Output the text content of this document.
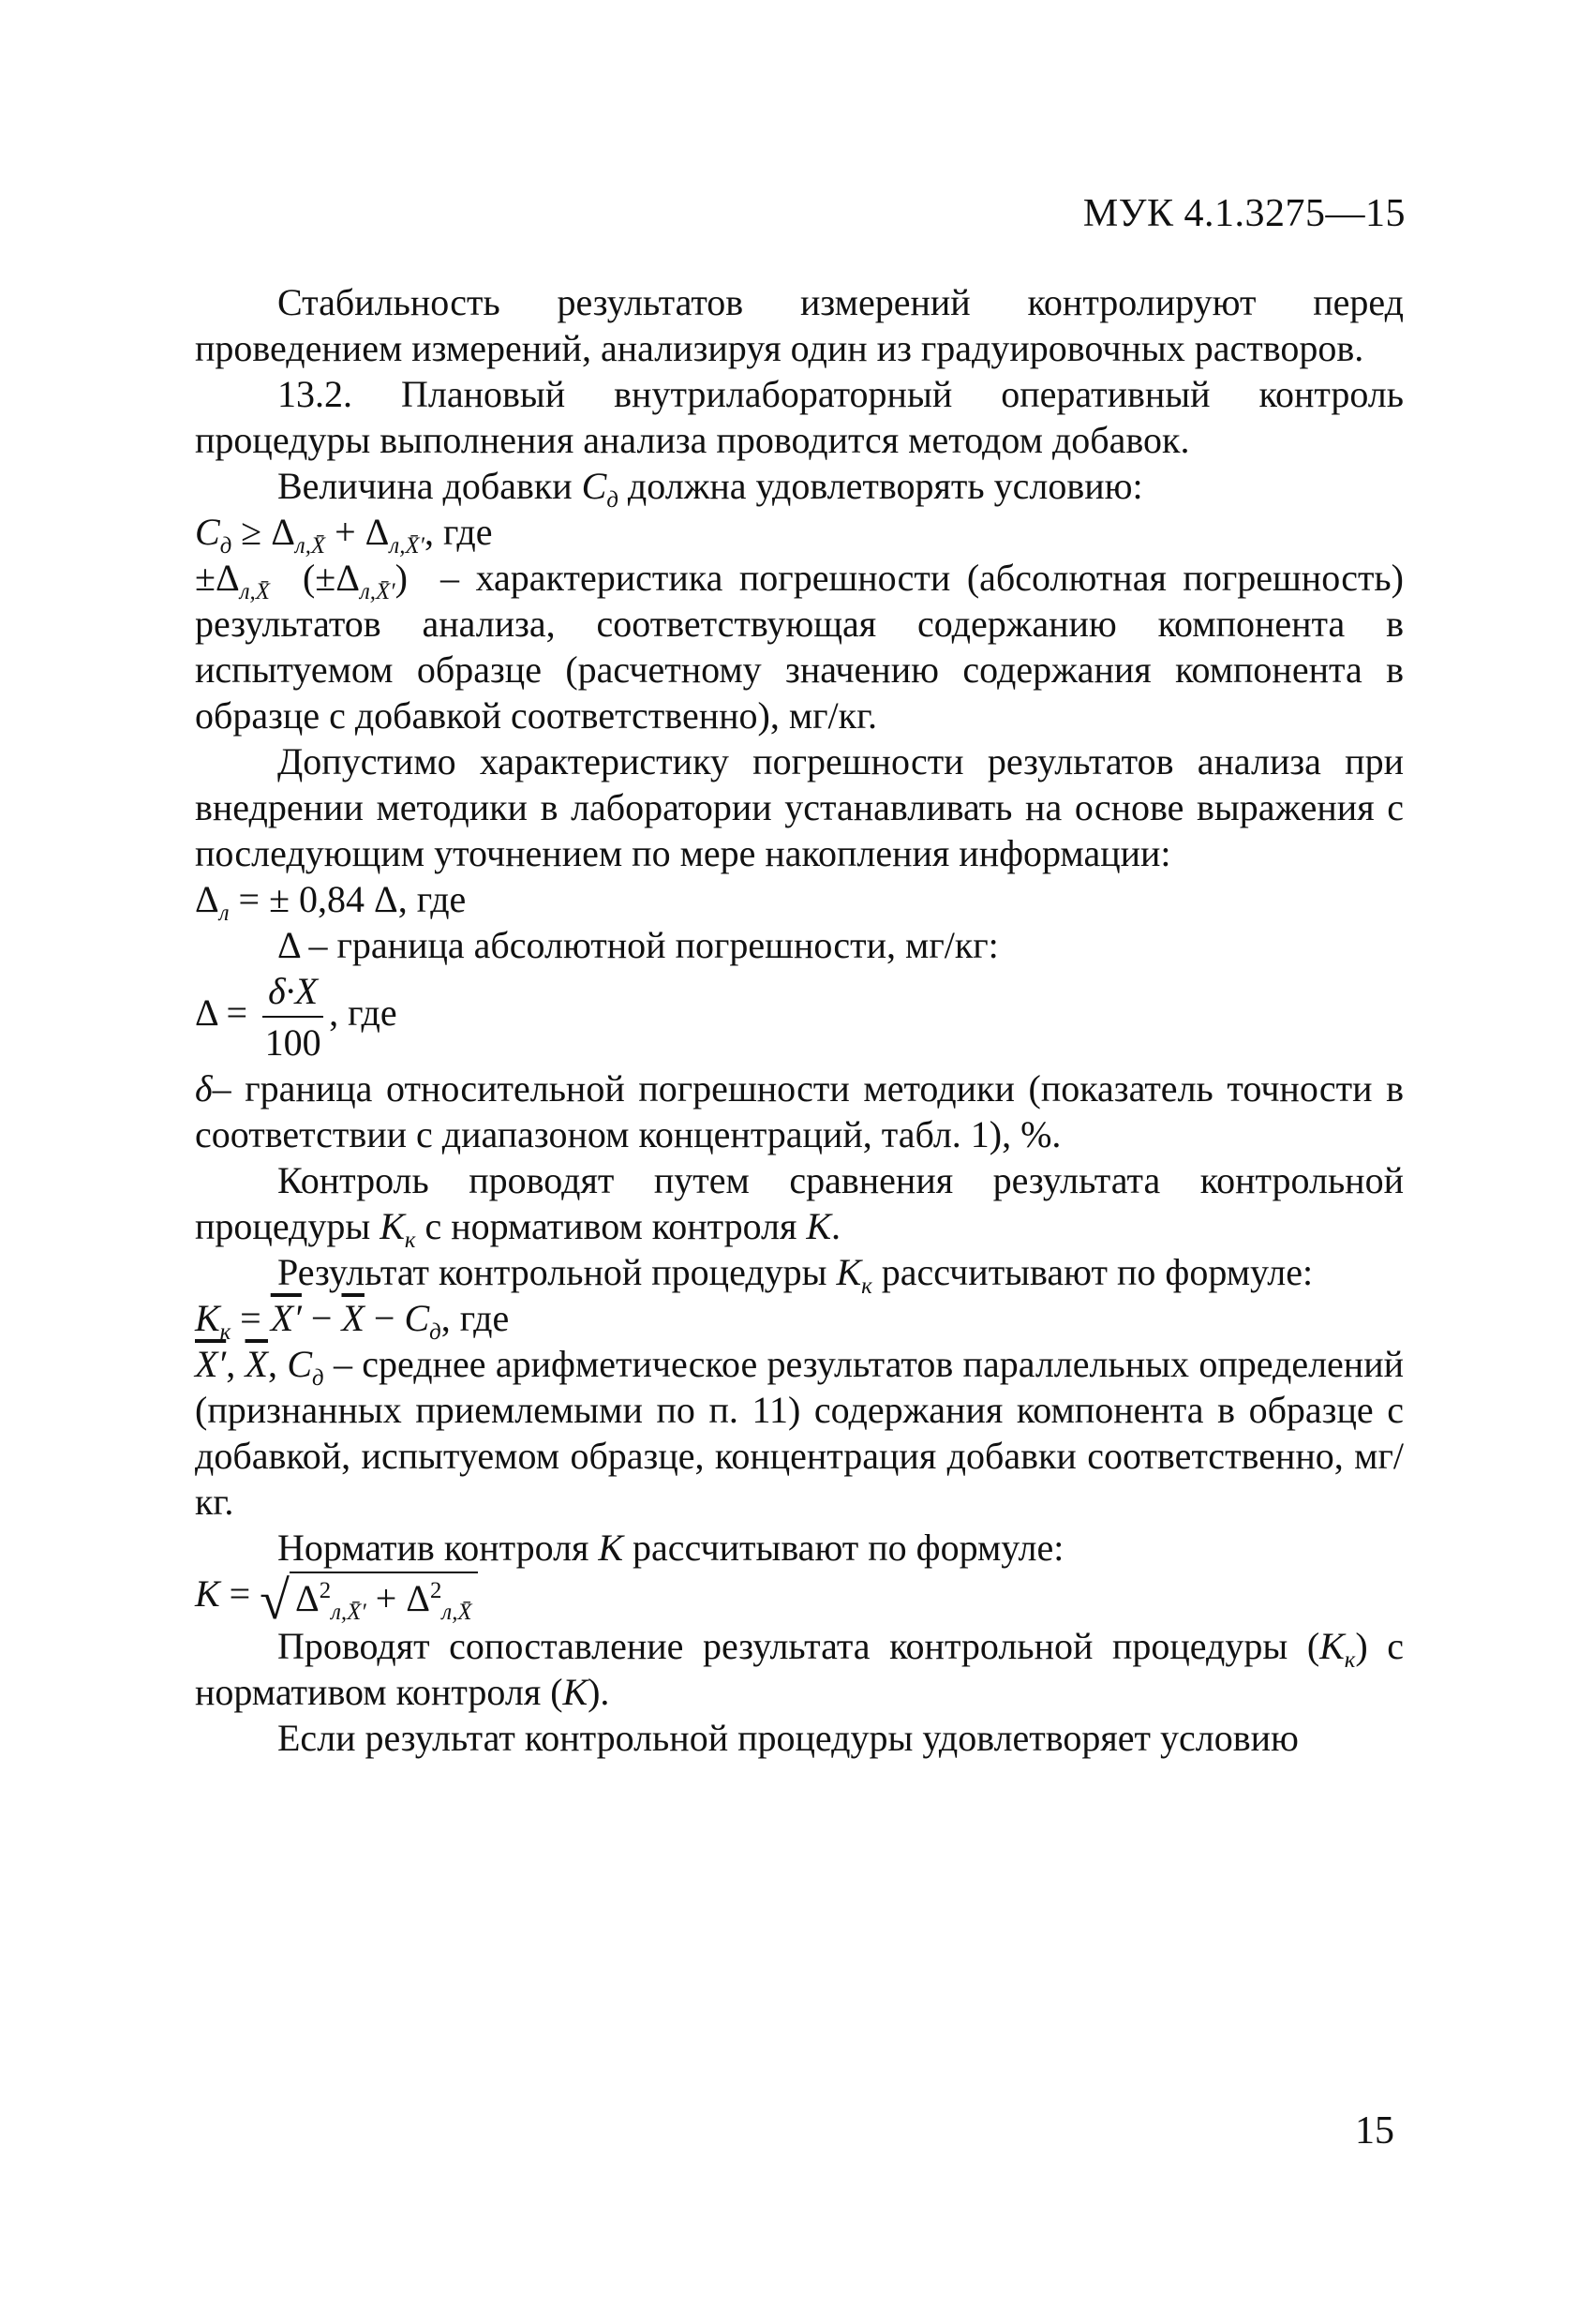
МУК 4.1.3275—15

Стабильность результатов измерений контролируют перед проведением измерений, анализируя один из градуировочных растворов.

13.2. Плановый внутрилабораторный оперативный контроль процедуры выполнения анализа проводится методом добавок.

Величина добавки $С_д$ должна удовлетворять условию:

$С_д \ge \Delta_{л,X̄} + \Delta_{л,X̄'}$, где

$\pm\Delta_{л,X̄}$  $(\pm\Delta_{л,X̄'})$  – характеристика погрешности (абсолютная погрешность) результатов анализа, соответствующая содержанию компонента в испытуемом образце (расчетному значению содержания компонента в образце с добавкой соответственно), мг/кг.

Допустимо характеристику погрешности результатов анализа при внедрении методики в лаборатории устанавливать на основе выражения с последующим уточнением по мере накопления информации:

$\Delta_л$ = ± 0,84 Δ, где

Δ – граница абсолютной погрешности, мг/кг:

$\Delta = \frac{\delta\cdot X}{100}$ , где

δ– граница относительной погрешности методики (показатель точности в соответствии с диапазоном концентраций, табл. 1), %.

Контроль проводят путем сравнения результата контрольной процедуры $К_к$ с нормативом контроля К.

Результат контрольной процедуры $К_к$ рассчитывают по формуле:

$К_к = X' - \overline{X} - С_д$, где

X′, $\overline{X}$, $С_д$ – среднее арифметическое результатов параллельных определений (признанных приемлемыми по п. 11) содержания компонента в образце с добавкой, испытуемом образце, концентрация добавки соответственно, мг/кг.

Норматив контроля К рассчитывают по формуле:

К = √ $\Delta^2_{л,X̄'} + \Delta^2_{л,X̄}$

Проводят сопоставление результата контрольной процедуры $(К_к)$ с нормативом контроля (К).

Если результат контрольной процедуры удовлетворяет условию

15
